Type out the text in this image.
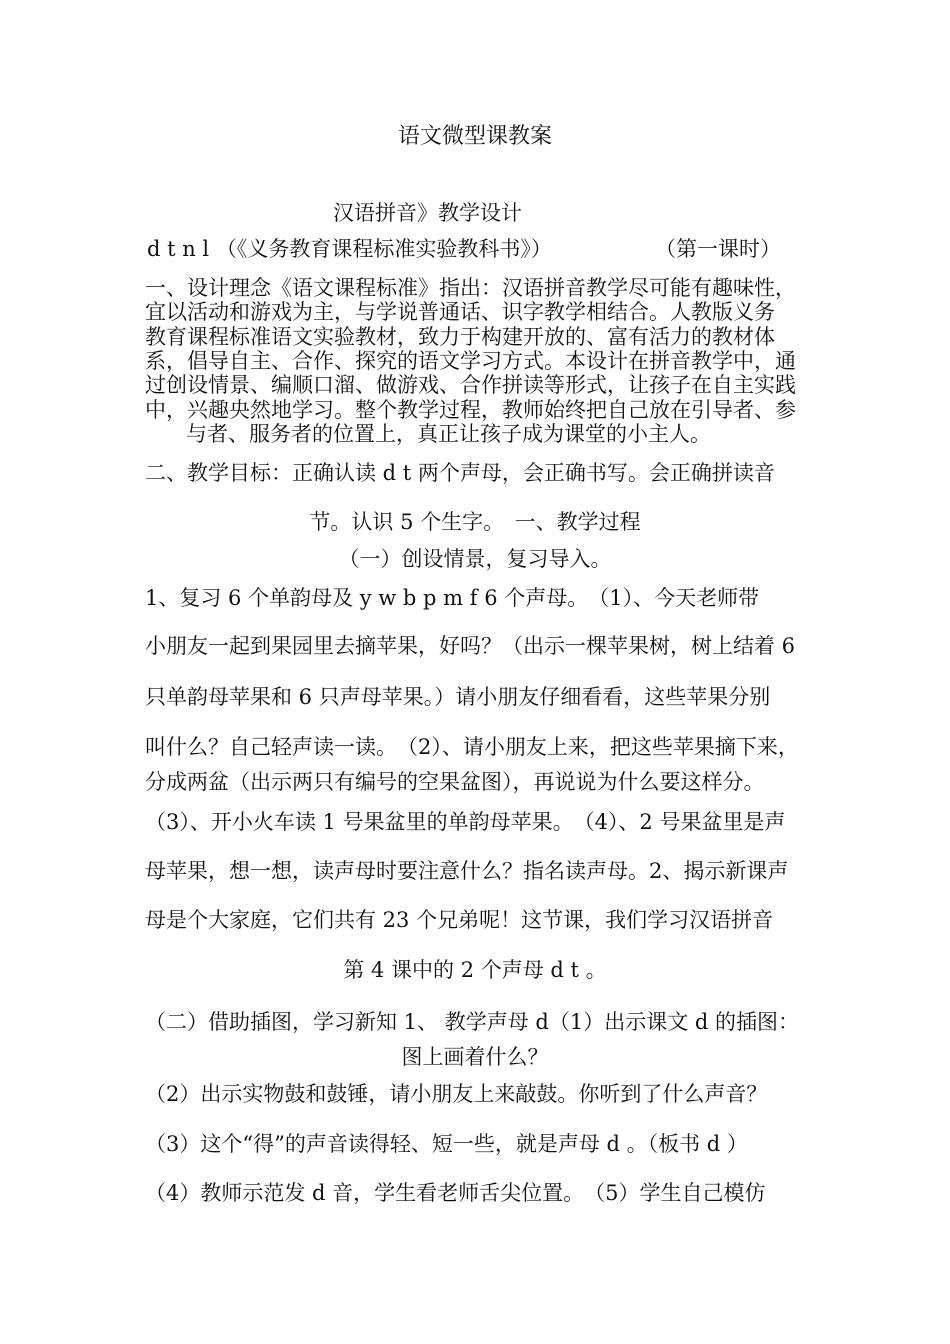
语文微型课教案
汉语拼音》教学设计
d t n l （《义务教育课程标准实验教科书》）	（第一课时）
一、设计理念《语文课程标准》指出：汉语拼音教学尽可能有趣味性，
宜以活动和游戏为主，与学说普通话、识字教学相结合。人教版义务
教育课程标准语文实验教材，致力于构建开放的、富有活力的教材体
系，倡导自主、合作、探究的语文学习方式。本设计在拼音教学中，通
过创设情景、编顺口溜、做游戏、合作拼读等形式，让孩子在自主实践
中，兴趣央然地学习。整个教学过程，教师始终把自己放在引导者、参
与者、服务者的位置上，真正让孩子成为课堂的小主人。
二、教学目标：正确认读 d t 两个声母，会正确书写。会正确拼读音
节。认识 5 个生字。　一、教学过程
（一）创设情景，复习导入。
1、复习 6 个单韵母及 y w b p m f 6 个声母。　（1）、今天老师带
小朋友一起到果园里去摘苹果，好吗？（出示一棵苹果树，树上结着 6
只单韵母苹果和 6 只声母苹果。）请小朋友仔细看看，这些苹果分别
叫什么？自己轻声读一读。　（2）、请小朋友上来，把这些苹果摘下来，
分成两盆（出示两只有编号的空果盆图），再说说为什么要这样分。
（3）、开小火车读 1 号果盆里的单韵母苹果。　（4）、2 号果盆里是声
母苹果，想一想，读声母时要注意什么？指名读声母。2、揭示新课声
母是个大家庭，它们共有 23 个兄弟呢！这节课，我们学习汉语拼音
第 4 课中的 2 个声母 d t 。
（二）借助插图，学习新知 1、 教学声母 d（1）出示课文 d 的插图：
图上画着什么？
（2）出示实物鼓和鼓锤，请小朋友上来敲鼓。你听到了什么声音？
（3）这个“得”的声音读得轻、短一些，就是声母 d 。（板书 d ）
（4）教师示范发 d 音，学生看老师舌尖位置。　（5）学生自己模仿
